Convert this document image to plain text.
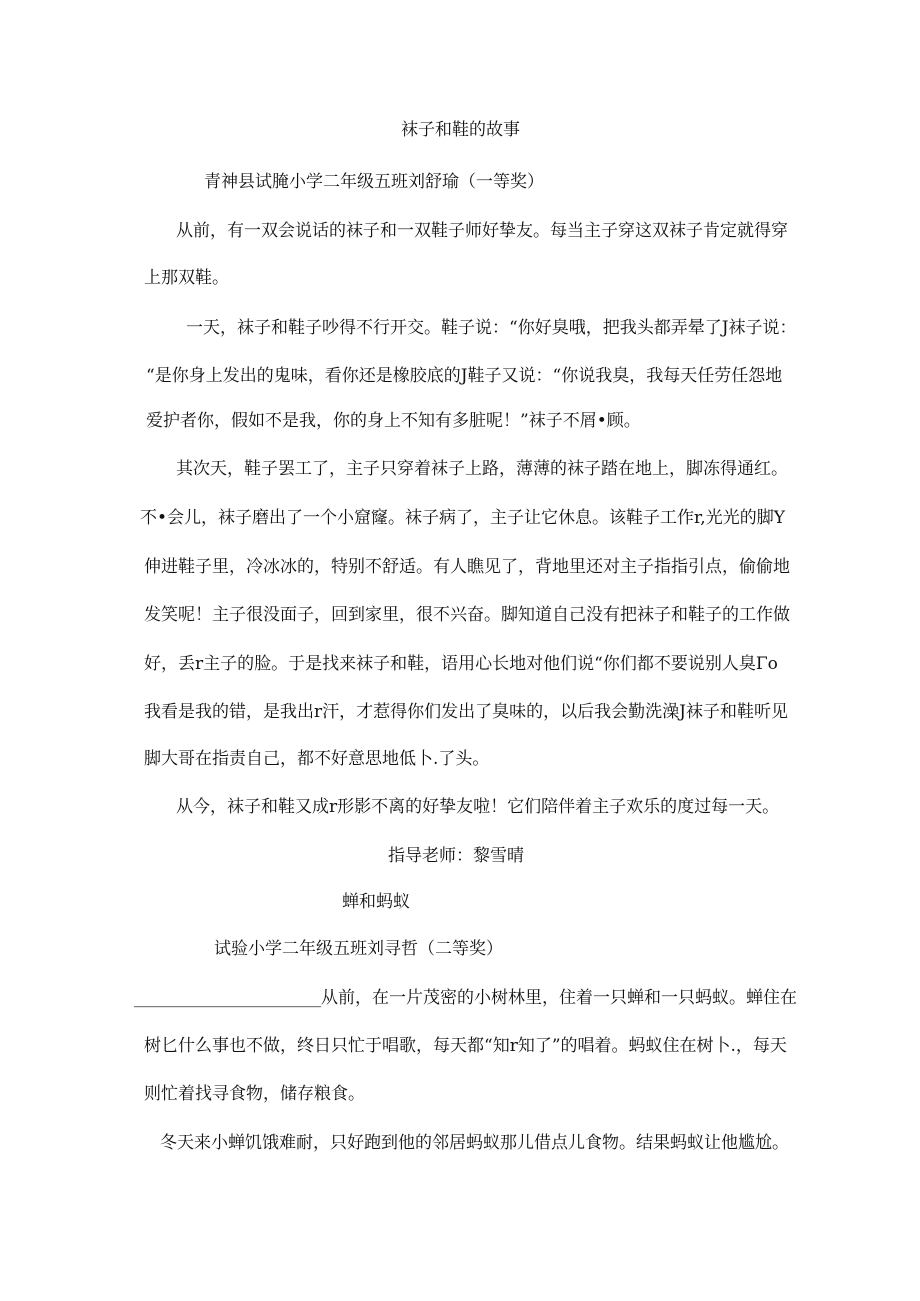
袜子和鞋的故事
青神县试腌小学二年级五班刘舒瑜（一等奖）
从前，有一双会说话的袜子和一双鞋子师好挚友。每当主子穿这双袜子肯定就得穿
上那双鞋。
一天，袜子和鞋子吵得不行开交。鞋子说：“你好臭哦，把我头都弄晕了J袜子说：
“是你身上发出的鬼味，看你还是橡胶底的J鞋子又说：“你说我臭，我每天任劳任怨地
爱护者你，假如不是我，你的身上不知有多脏呢！”袜子不屑•顾。
其次天，鞋子罢工了，主子只穿着袜子上路，薄薄的袜子踏在地上，脚冻得通红。
不•会儿，袜子磨出了一个小窟窿。袜子病了，主子让它休息。该鞋子工作r,光光的脚Y
伸进鞋子里，冷冰冰的，特别不舒适。有人瞧见了，背地里还对主子指指引点，偷偷地
发笑呢！主子很没面子，回到家里，很不兴奋。脚知道自己没有把袜子和鞋子的工作做
好，丢r主子的脸。于是找来袜子和鞋，语用心长地对他们说“你们都不要说别人臭Γo
我看是我的错，是我出r汗，才惹得你们发出了臭味的，以后我会勤洗澡J袜子和鞋听见
脚大哥在指责自己，都不好意思地低卜.了头。
从今，袜子和鞋又成r形影不离的好挚友啦！它们陪伴着主子欢乐的度过每一天。
指导老师：黎雪晴
蝉和蚂蚁
试验小学二年级五班刘寻哲（二等奖）
______________________从前，在一片茂密的小树林里，住着一只蝉和一只蚂蚁。蝉住在
树匕什么事也不做，终日只忙于唱歌，每天都“知r知了”的唱着。蚂蚁住在树卜.，每天
则忙着找寻食物，储存粮食。
冬天来小蝉饥饿难耐，只好跑到他的邻居蚂蚁那儿借点儿食物。结果蚂蚁让他尴尬。
